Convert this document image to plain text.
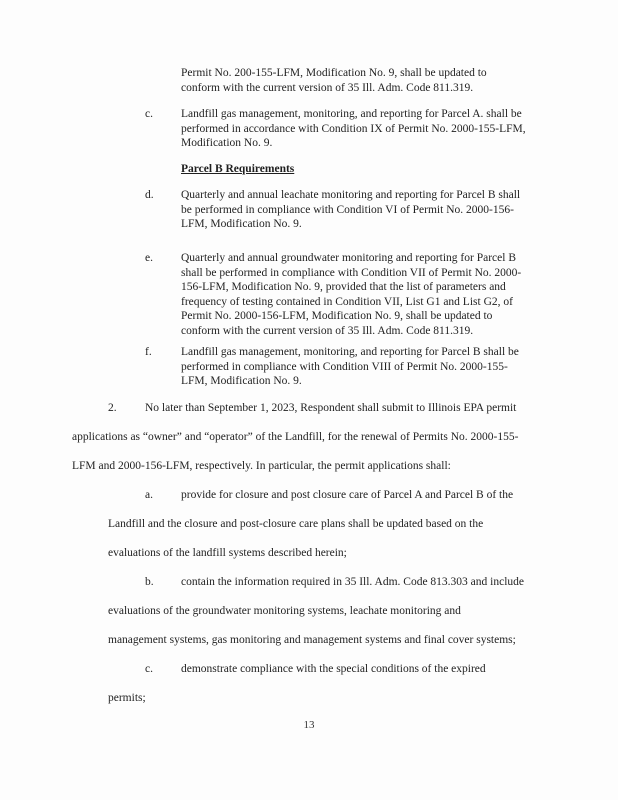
Permit No. 200-155-LFM, Modification No. 9, shall be updated to
conform with the current version of 35 Ill. Adm. Code 811.319.
c. Landfill gas management, monitoring, and reporting for Parcel A. shall be
performed in accordance with Condition IX of Permit No. 2000-155-LFM,
Modification No. 9.
Parcel B Requirements
d. Quarterly and annual leachate monitoring and reporting for Parcel B shall
be performed in compliance with Condition VI of Permit No. 2000-156-
LFM, Modification No. 9.
e. Quarterly and annual groundwater monitoring and reporting for Parcel B
shall be performed in compliance with Condition VII of Permit No. 2000-
156-LFM, Modification No. 9, provided that the list of parameters and
frequency of testing contained in Condition VII, List G1 and List G2, of
Permit No. 2000-156-LFM, Modification No. 9, shall be updated to
conform with the current version of 35 Ill. Adm. Code 811.319.
f.	Landfill gas management, monitoring, and reporting for Parcel B shall be
performed in compliance with Condition VIII of Permit No. 2000-155-
LFM, Modification No. 9.
2. No later than September 1, 2023, Respondent shall submit to Illinois EPA permit
applications as “owner” and “operator” of the Landfill, for the renewal of Permits No. 2000-155-
LFM and 2000-156-LFM, respectively. In particular, the permit applications shall:
a. provide for closure and post closure care of Parcel A and Parcel B of the
Landfill and the closure and post-closure care plans shall be updated based on the
evaluations of the landfill systems described herein;
b. contain the information required in 35 Ill. Adm. Code 813.303 and include
evaluations of the groundwater monitoring systems, leachate monitoring and
management systems, gas monitoring and management systems and final cover systems;
c. demonstrate compliance with the special conditions of the expired
permits;
13
